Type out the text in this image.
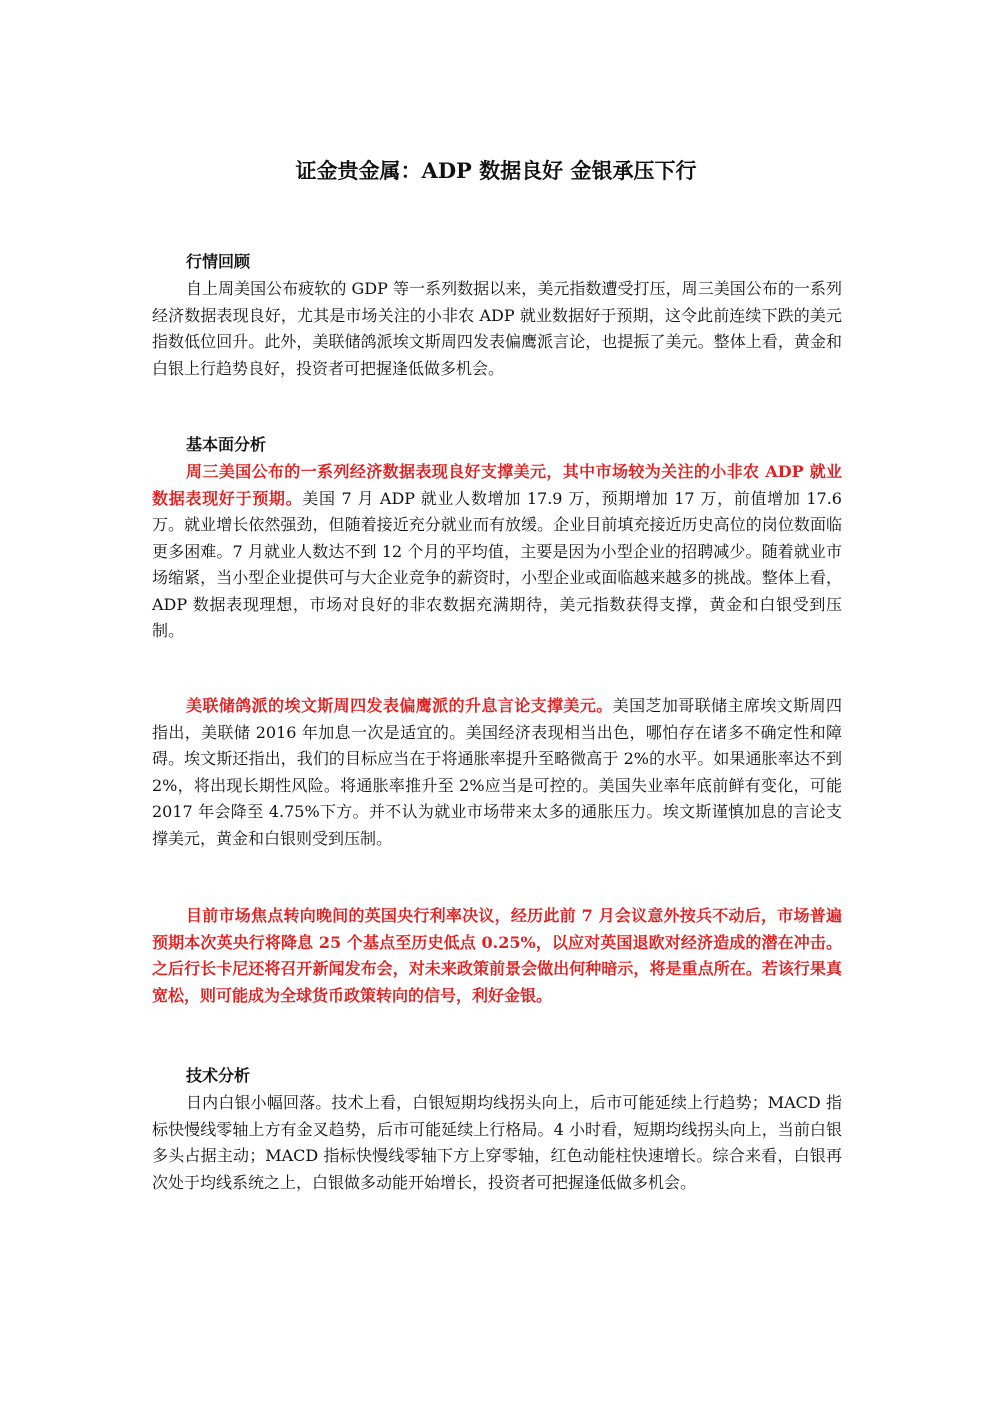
证金贵金属：ADP 数据良好 金银承压下行
行情回顾

自上周美国公布疲软的 GDP 等一系列数据以来，美元指数遭受打压，周三美国公布的一系列经济数据表现良好，尤其是市场关注的小非农 ADP 就业数据好于预期，这令此前连续下跌的美元指数低位回升。此外，美联储鸽派埃文斯周四发表偏鹰派言论，也提振了美元。整体上看，黄金和白银上行趋势良好，投资者可把握逢低做多机会。

基本面分析

周三美国公布的一系列经济数据表现良好支撑美元，其中市场较为关注的小非农 ADP 就业数据表现好于预期。美国 7 月 ADP 就业人数增加 17.9 万，预期增加 17 万，前值增加 17.6 万。就业增长依然强劲，但随着接近充分就业而有放缓。企业目前填充接近历史高位的岗位数面临更多困难。7 月就业人数达不到 12 个月的平均值，主要是因为小型企业的招聘减少。随着就业市场缩紧，当小型企业提供可与大企业竞争的薪资时，小型企业或面临越来越多的挑战。整体上看，ADP 数据表现理想，市场对良好的非农数据充满期待，美元指数获得支撑，黄金和白银受到压制。

美联储鸽派的埃文斯周四发表偏鹰派的升息言论支撑美元。美国芝加哥联储主席埃文斯周四指出，美联储 2016 年加息一次是适宜的。美国经济表现相当出色，哪怕存在诸多不确定性和障碍。埃文斯还指出，我们的目标应当在于将通胀率提升至略微高于 2%的水平。如果通胀率达不到 2%，将出现长期性风险。将通胀率推升至 2%应当是可控的。美国失业率年底前鲜有变化，可能 2017 年会降至 4.75%下方。并不认为就业市场带来太多的通胀压力。埃文斯谨慎加息的言论支撑美元，黄金和白银则受到压制。

目前市场焦点转向晚间的英国央行利率决议，经历此前 7 月会议意外按兵不动后，市场普遍预期本次英央行将降息 25 个基点至历史低点 0.25%，以应对英国退欧对经济造成的潜在冲击。之后行长卡尼还将召开新闻发布会，对未来政策前景会做出何种暗示，将是重点所在。若该行果真宽松，则可能成为全球货币政策转向的信号，利好金银。

技术分析

日内白银小幅回落。技术上看，白银短期均线拐头向上，后市可能延续上行趋势；MACD 指标快慢线零轴上方有金叉趋势，后市可能延续上行格局。4 小时看，短期均线拐头向上，当前白银多头占据主动；MACD 指标快慢线零轴下方上穿零轴，红色动能柱快速增长。综合来看，白银再次处于均线系统之上，白银做多动能开始增长，投资者可把握逢低做多机会。
